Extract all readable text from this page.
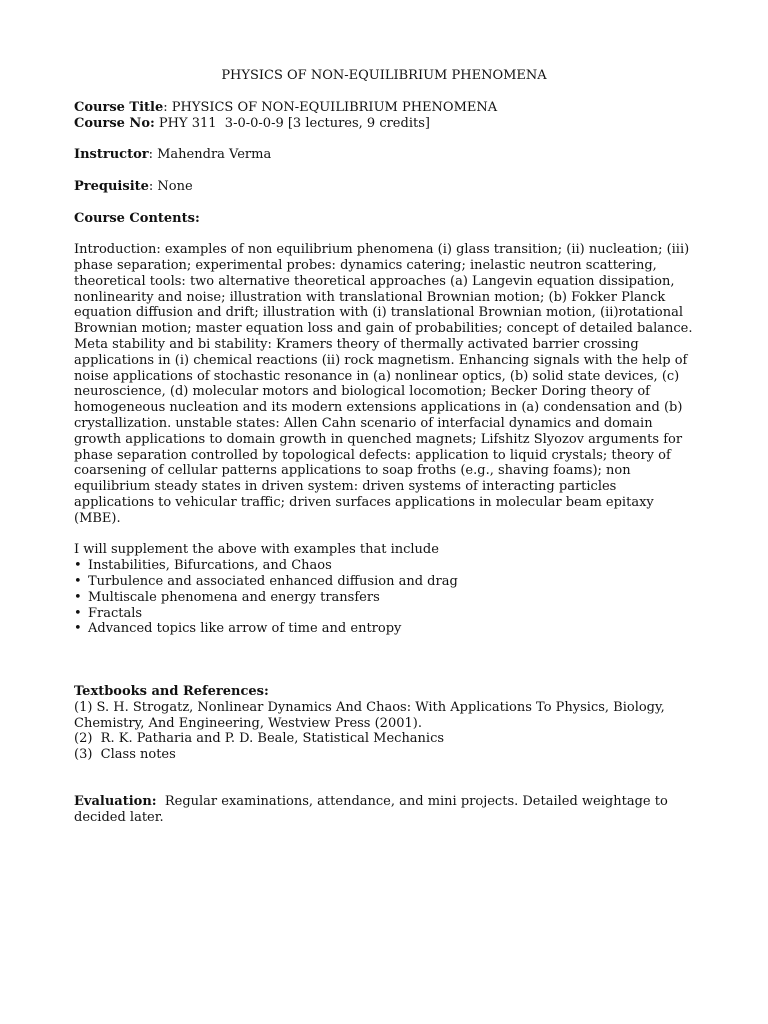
PHYSICS OF NON-EQUILIBRIUM PHENOMENA
Course Title: PHYSICS OF NON-EQUILIBRIUM PHENOMENA
Course No: PHY 311  3-0-0-0-9 [3 lectures, 9 credits]
Instructor: Mahendra Verma
Prequisite: None
Course Contents:
Introduction: examples of non equilibrium phenomena (i) glass transition; (ii) nucleation; (iii)
phase separation; experimental probes: dynamics catering; inelastic neutron scattering,
theoretical tools: two alternative theoretical approaches (a) Langevin equation dissipation,
nonlinearity and noise; illustration with translational Brownian motion; (b) Fokker Planck
equation diffusion and drift; illustration with (i) translational Brownian motion, (ii)rotational
Brownian motion; master equation loss and gain of probabilities; concept of detailed balance.
Meta stability and bi stability: Kramers theory of thermally activated barrier crossing
applications in (i) chemical reactions (ii) rock magnetism. Enhancing signals with the help of
noise applications of stochastic resonance in (a) nonlinear optics, (b) solid state devices, (c)
neuroscience, (d) molecular motors and biological locomotion; Becker Doring theory of
homogeneous nucleation and its modern extensions applications in (a) condensation and (b)
crystallization. unstable states: Allen Cahn scenario of interfacial dynamics and domain
growth applications to domain growth in quenched magnets; Lifshitz Slyozov arguments for
phase separation controlled by topological defects: application to liquid crystals; theory of
coarsening of cellular patterns applications to soap froths (e.g., shaving foams); non
equilibrium steady states in driven system: driven systems of interacting particles
applications to vehicular traffic; driven surfaces applications in molecular beam epitaxy
(MBE).
I will supplement the above with examples that include
• Instabilities, Bifurcations, and Chaos
• Turbulence and associated enhanced diffusion and drag
• Multiscale phenomena and energy transfers
• Fractals
• Advanced topics like arrow of time and entropy
Textbooks and References:
(1) S. H. Strogatz, Nonlinear Dynamics And Chaos: With Applications To Physics, Biology,
Chemistry, And Engineering, Westview Press (2001).
(2)  R. K. Patharia and P. D. Beale, Statistical Mechanics
(3)  Class notes
Evaluation:  Regular examinations, attendance, and mini projects. Detailed weightage to
decided later.
